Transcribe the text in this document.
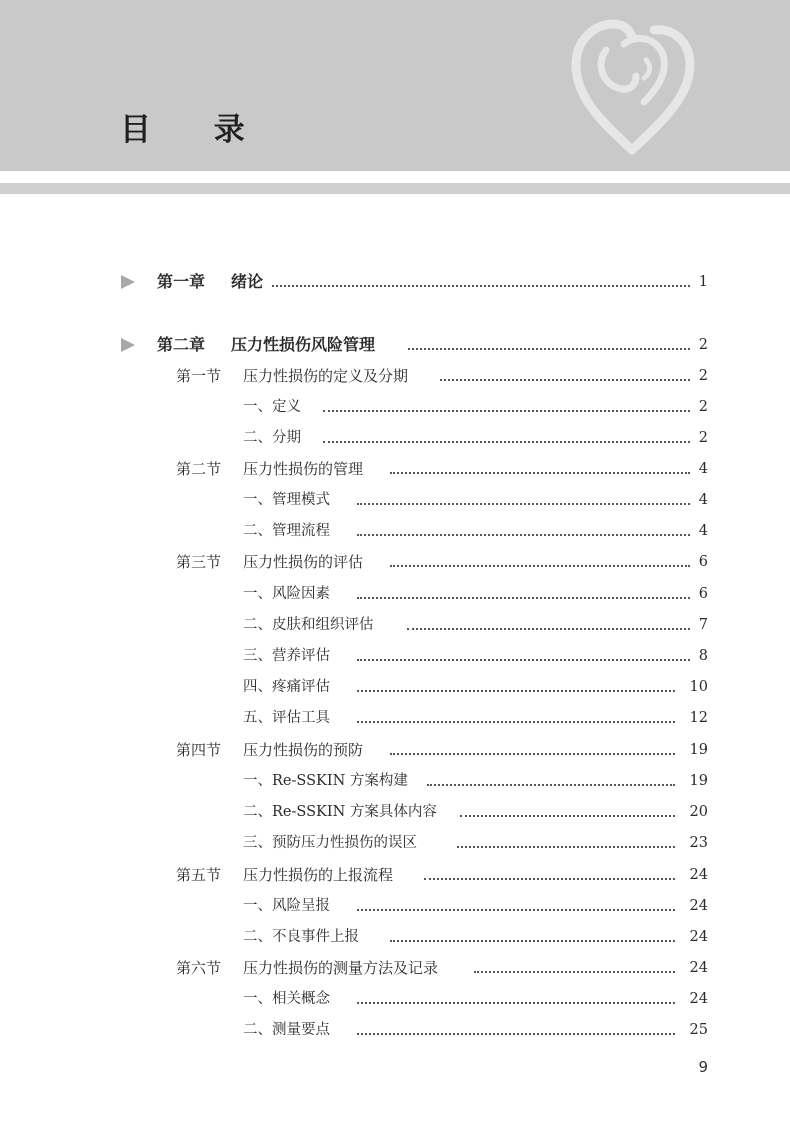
目 录
第一章 绪论	1
第二章 压力性损伤风险管理	2
第一节 压力性损伤的定义及分期	2
一、定义	2
二、分期	2
第二节 压力性损伤的管理	4
一、管理模式	4
二、管理流程	4
第三节 压力性损伤的评估	6
一、风险因素	6
二、皮肤和组织评估	7
三、营养评估	8
四、疼痛评估	10
五、评估工具	12
第四节 压力性损伤的预防	19
一、Re-SSKIN 方案构建	19
二、Re-SSKIN 方案具体内容	20
三、预防压力性损伤的误区	23
第五节 压力性损伤的上报流程	24
一、风险呈报	24
二、不良事件上报	24
第六节 压力性损伤的测量方法及记录	24
一、相关概念	24
二、测量要点	25
9
